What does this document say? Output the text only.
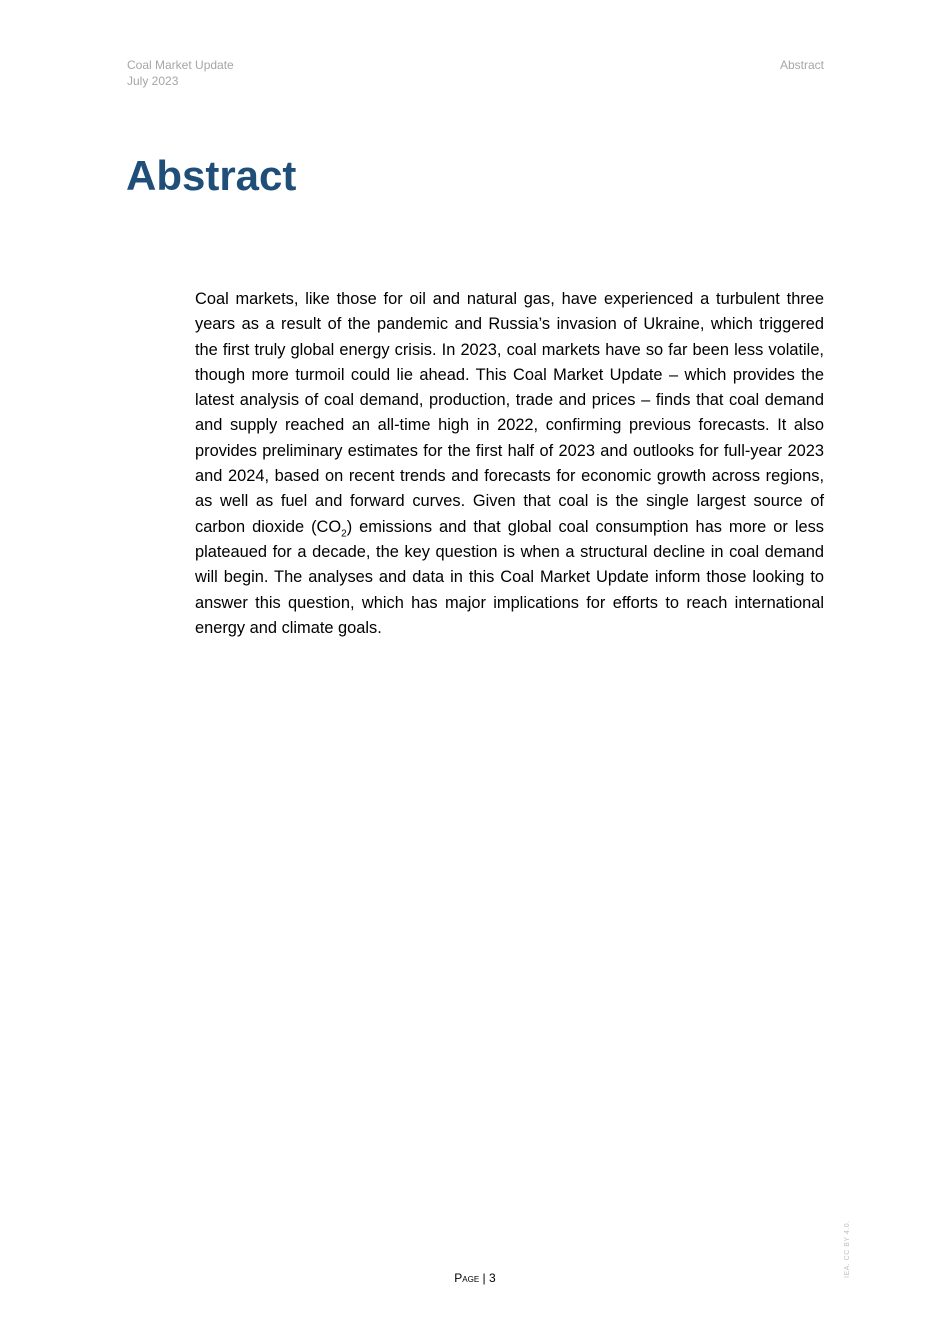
Coal Market Update
July 2023
Abstract
Abstract

Coal markets, like those for oil and natural gas, have experienced a turbulent three years as a result of the pandemic and Russia’s invasion of Ukraine, which triggered the first truly global energy crisis. In 2023, coal markets have so far been less volatile, though more turmoil could lie ahead. This Coal Market Update – which provides the latest analysis of coal demand, production, trade and prices – finds that coal demand and supply reached an all-time high in 2022, confirming previous forecasts. It also provides preliminary estimates for the first half of 2023 and outlooks for full-year 2023 and 2024, based on recent trends and forecasts for economic growth across regions, as well as fuel and forward curves. Given that coal is the single largest source of carbon dioxide $(CO_2)$ emissions and that global coal consumption has more or less plateaued for a decade, the key question is when a structural decline in coal demand will begin. The analyses and data in this Coal Market Update inform those looking to answer this question, which has major implications for efforts to reach international energy and climate goals.

Page | 3	IEA. CC BY 4.0.
